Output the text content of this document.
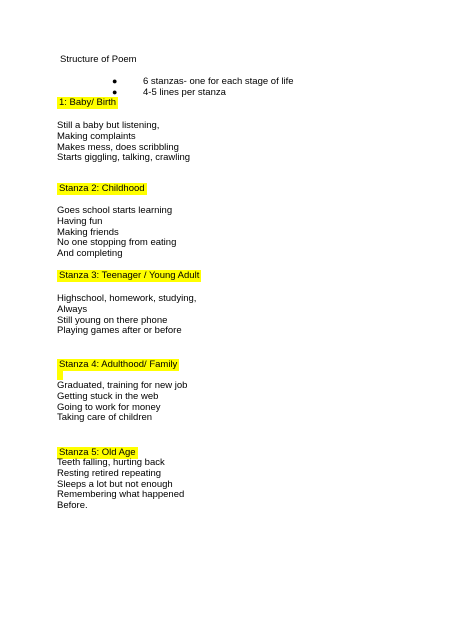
Structure of Poem
●	6 stanzas- one for each stage of life
●	4-5 lines per stanza
1: Baby/ Birth
Still a baby but listening,
Making complaints
Makes mess, does scribbling
Starts giggling, talking, crawling
Stanza 2: Childhood
Goes school starts learning
Having fun
Making friends
No one stopping from eating
And completing
Stanza 3: Teenager / Young Adult
Highschool, homework, studying,
Always
Still young on there phone
Playing games after or before
Stanza 4: Adulthood/ Family
Graduated, training for new job
Getting stuck in the web
Going to work for money
Taking care of children
Stanza 5: Old Age
Teeth falling, hurting back
Resting retired repeating
Sleeps a lot but not enough
Remembering what happened
Before.
